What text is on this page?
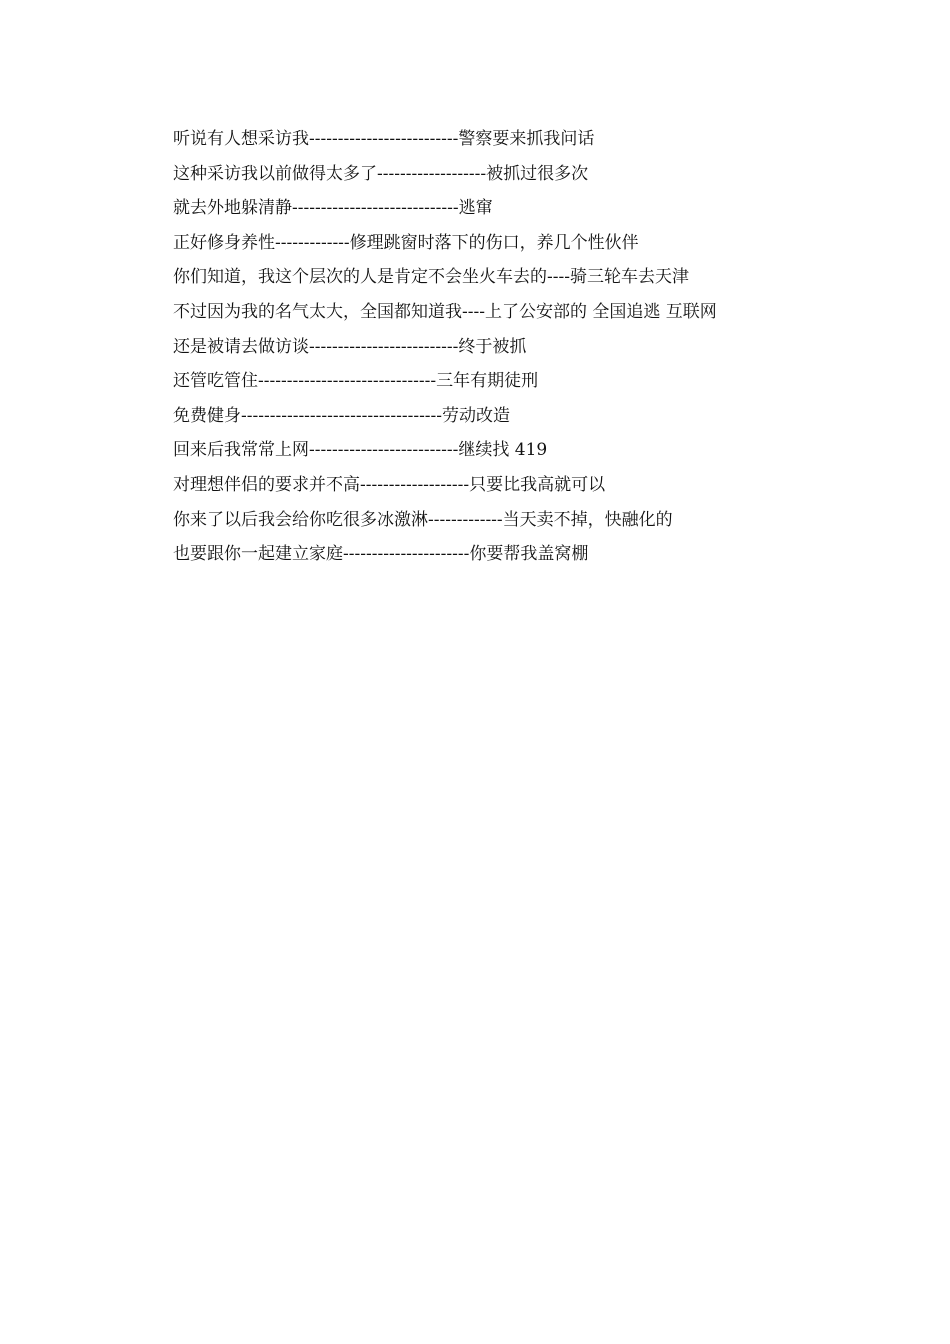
听说有人想采访我--------------------------警察要来抓我问话
这种采访我以前做得太多了-------------------被抓过很多次
就去外地躲清静-----------------------------逃窜
正好修身养性-------------修理跳窗时落下的伤口，养几个性伙伴
你们知道，我这个层次的人是肯定不会坐火车去的----骑三轮车去天津
不过因为我的名气太大，全国都知道我----上了公安部的 全国追逃 互联网
还是被请去做访谈--------------------------终于被抓
还管吃管住-------------------------------三年有期徒刑
免费健身-----------------------------------劳动改造
回来后我常常上网--------------------------继续找 419
对理想伴侣的要求并不高-------------------只要比我高就可以
你来了以后我会给你吃很多冰激淋-------------当天卖不掉，快融化的
也要跟你一起建立家庭----------------------你要帮我盖窝棚
